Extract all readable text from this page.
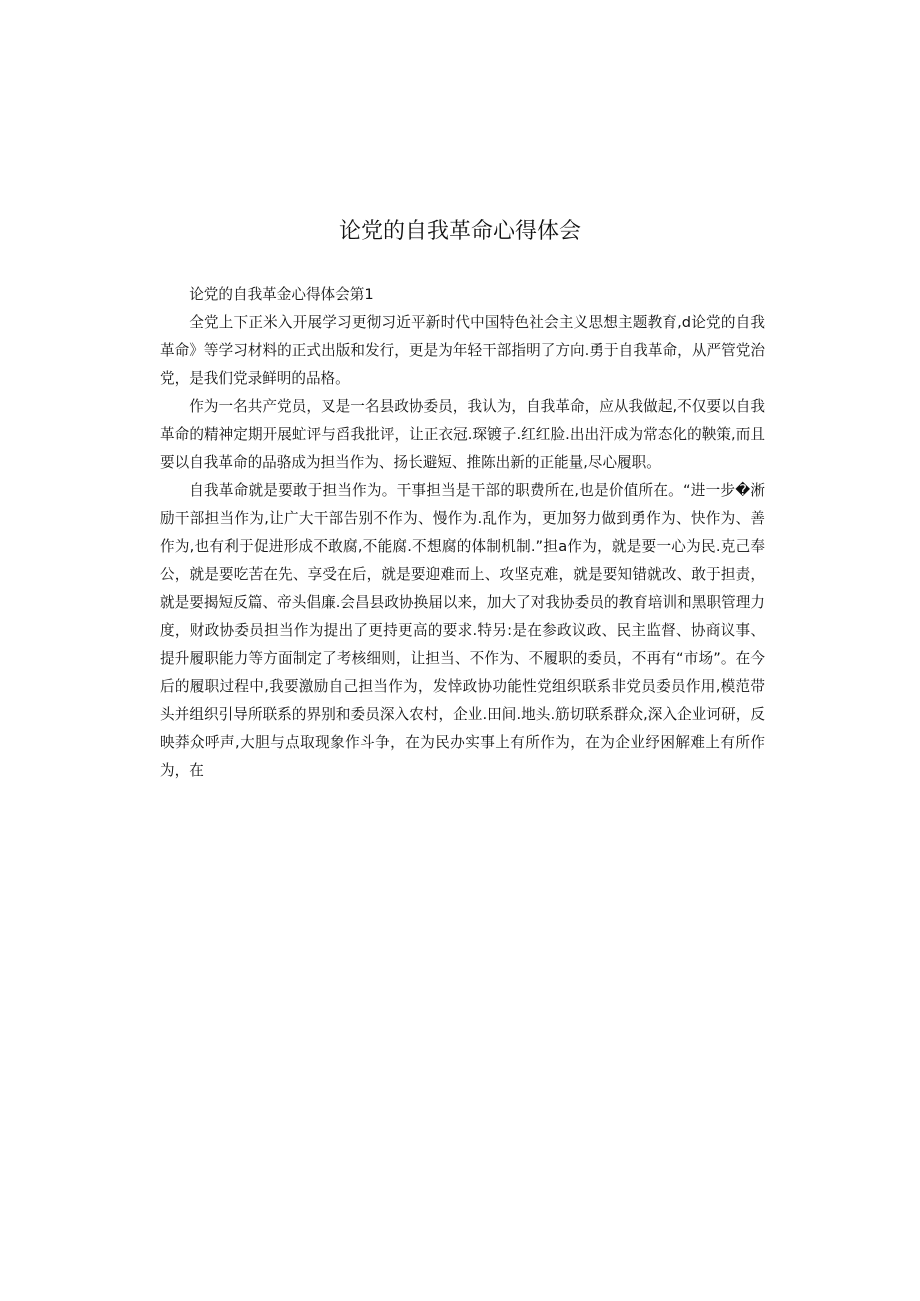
论党的自我革命心得体会

论党的自我革金心得体会第1

全党上下正米入开展学习更彻习近平新时代中国特色社会主义思想主题教育,d论党的自我革命》等学习材料的正式出版和发行，更是为年轻干部指明了方向.勇于自我革命，从严管党治党，是我们党录鲜明的品格。

作为一名共产党员，叉是一名县政协委员，我认为，自我革命，应从我做起,不仅要以自我革命的精神定期开展虻评与舀我批评，让正衣冠.琛镀子.红红脸.出出汗成为常态化的鞅策,而且要以自我革命的品骆成为担当作为、扬长避短、推陈出新的正能量,尽心履职。

自我革命就是要敢于担当作为。干事担当是干部的职费所在,也是价值所在。“进一步�淅励干部担当作为,让广大干部告别不作为、慢作为.乱作为，更加努力做到勇作为、快作为、善作为,也有利于促进形成不敢腐,不能腐.不想腐的体制机制.”担a作为，就是要一心为民.克己奉公，就是要吃苦在先、享受在后，就是要迎难而上、攻坚克难，就是要知错就改、敢于担责，就是要揭短反篇、帝头倡廉.会昌县政协换届以来，加大了对我协委员的教育培训和黑职管理力度，财政协委员担当作为提出了更持更高的要求.特另:是在参政议政、民主监督、协商议事、提升履职能力等方面制定了考核细则，让担当、不作为、不履职的委员，不再有“市场”。在今后的履职过程中,我要激励自己担当作为，发悻政协功能性党组织联系非党员委员作用,模范带头并组织引导所联系的界别和委员深入农村，企业.田间.地头.筋切联系群众,深入企业诃研，反映莽众呼声,大胆与点取现象作斗争，在为民办实事上有所作为，在为企业纾困解难上有所作为，在
